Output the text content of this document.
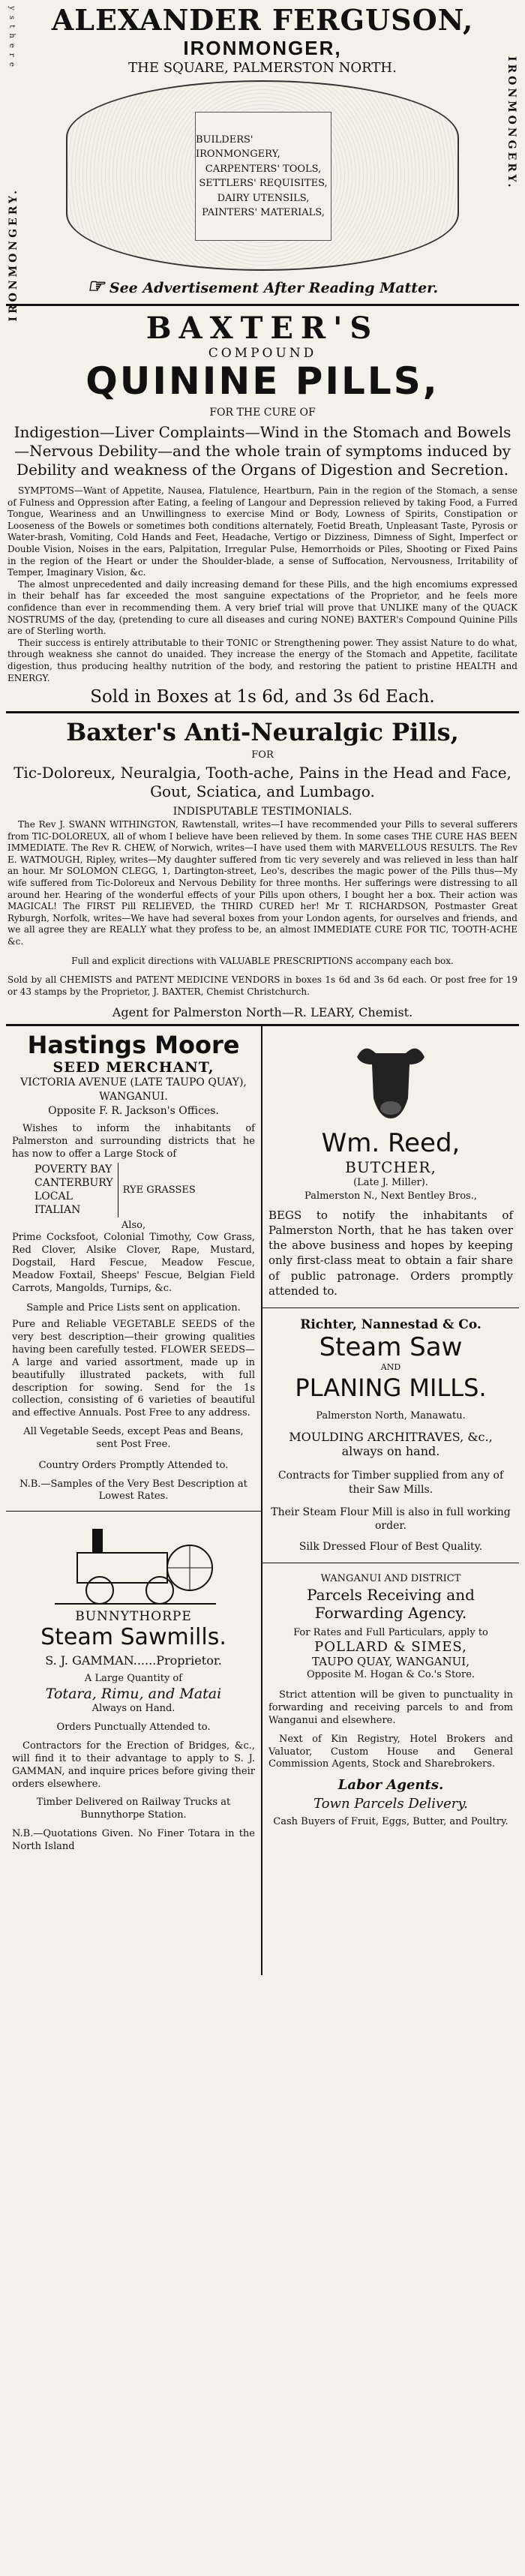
IRONMONGERY.
IRONMONGERY.
y s t h e r e	ALEXANDER FERGUSON,
IRONMONGER,
THE SQUARE, PALMERSTON NORTH.
BUILDERS' IRONMONGERY,
CARPENTERS' TOOLS,
SETTLERS' REQUISITES,
DAIRY UTENSILS,
PAINTERS' MATERIALS,
☞ See Advertisement After Reading Matter.
BAXTER'S
COMPOUND
QUININE PILLS,
FOR THE CURE OF

Indigestion—Liver Complaints—Wind in the Stomach and Bowels—Nervous Debility—and the whole train of symptoms induced by Debility and weakness of the Organs of Digestion and Secretion.

SYMPTOMS—Want of Appetite, Nausea, Flatulence, Heartburn, Pain in the region of the Stomach, a sense of Fulness and Oppression after Eating, a feeling of Langour and Depression relieved by taking Food, a Furred Tongue, Weariness and an Unwillingness to exercise Mind or Body, Lowness of Spirits, Constipation or Looseness of the Bowels or sometimes both conditions alternately, Foetid Breath, Unpleasant Taste, Pyrosis or Water-brash, Vomiting, Cold Hands and Feet, Headache, Vertigo or Dizziness, Dimness of Sight, Imperfect or Double Vision, Noises in the ears, Palpitation, Irregular Pulse, Hemorrhoids or Piles, Shooting or Fixed Pains in the region of the Heart or under the Shoulder-blade, a sense of Suffocation, Nervousness, Irritability of Temper, Imaginary Vision, &c.

The almost unprecedented and daily increasing demand for these Pills, and the high encomiums expressed in their behalf has far exceeded the most sanguine expectations of the Proprietor, and he feels more confidence than ever in recommending them. A very brief trial will prove that UNLIKE many of the QUACK NOSTRUMS of the day, (pretending to cure all diseases and curing NONE) BAXTER's Compound Quinine Pills are of Sterling worth.

Their success is entirely attributable to their TONIC or Strengthening power. They assist Nature to do what, through weakness she cannot do unaided. They increase the energy of the Stomach and Appetite, facilitate digestion, thus producing healthy nutrition of the body, and restoring the patient to pristine HEALTH and ENERGY.

Sold in Boxes at 1s 6d, and 3s 6d Each.
Baxter's Anti-Neuralgic Pills,
FOR

Tic-Doloreux, Neuralgia, Tooth-ache, Pains in the Head and Face, Gout, Sciatica, and Lumbago.

INDISPUTABLE TESTIMONIALS.

The Rev J. SWANN WITHINGTON, Rawtenstall, writes—I have recommended your Pills to several sufferers from TIC-DOLOREUX, all of whom I believe have been relieved by them. In some cases THE CURE HAS BEEN IMMEDIATE. The Rev R. CHEW, of Norwich, writes—I have used them with MARVELLOUS RESULTS. The Rev E. WATMOUGH, Ripley, writes—My daughter suffered from tic very severely and was relieved in less than half an hour. Mr SOLOMON CLEGG, 1, Dartington-street, Leo's, describes the magic power of the Pills thus—My wife suffered from Tic-Doloreux and Nervous Debility for three months. Her sufferings were distressing to all around her. Hearing of the wonderful effects of your Pills upon others, I bought her a box. Their action was MAGICAL! The FIRST Pill RELIEVED, the THIRD CURED her! Mr T. RICHARDSON, Postmaster Great Ryburgh, Norfolk, writes—We have had several boxes from your London agents, for ourselves and friends, and we all agree they are REALLY what they profess to be, an almost IMMEDIATE CURE FOR TIC, TOOTH-ACHE &c.

Full and explicit directions with VALUABLE PRESCRIPTIONS accompany each box.

Sold by all CHEMISTS and PATENT MEDICINE VENDORS in boxes 1s 6d and 3s 6d each. Or post free for 19 or 43 stamps by the Proprietor, J. BAXTER, Chemist Christchurch.

Agent for Palmerston North—R. LEARY, Chemist.
Hastings Moore
SEED MERCHANT,
VICTORIA AVENUE (LATE TAUPO QUAY), WANGANUI.
Opposite F. R. Jackson's Offices.

Wishes to inform the inhabitants of Palmerston and surrounding districts that he has now to offer a Large Stock of

POVERTY BAY
CANTERBURY
LOCAL
ITALIAN
RYE GRASSES
Also,

Prime Cocksfoot, Colonial Timothy, Cow Grass, Red Clover, Alsike Clover, Rape, Mustard, Dogstail, Hard Fescue, Meadow Fescue, Meadow Foxtail, Sheeps' Fescue, Belgian Field Carrots, Mangolds, Turnips, &c.

Sample and Price Lists sent on application.

Pure and Reliable VEGETABLE SEEDS of the very best description—their growing qualities having been carefully tested. FLOWER SEEDS—A large and varied assortment, made up in beautifully illustrated packets, with full description for sowing. Send for the 1s collection, consisting of 6 varieties of beautiful and effective Annuals. Post Free to any address.

All Vegetable Seeds, except Peas and Beans, sent Post Free.

Country Orders Promptly Attended to.

N.B.—Samples of the Very Best Description at Lowest Rates.

BUNNYTHORPE
Steam Sawmills.
S. J. GAMMAN......Proprietor.
A Large Quantity of
Totara, Rimu, and Matai
Always on Hand.
Orders Punctually Attended to.

Contractors for the Erection of Bridges, &c., will find it to their advantage to apply to S. J. GAMMAN, and inquire prices before giving their orders elsewhere.

Timber Delivered on Railway Trucks at Bunnythorpe Station.

N.B.—Quotations Given. No Finer Totara in the North Island

Wm. Reed,
BUTCHER,
(Late J. Miller).
Palmerston N., Next Bentley Bros.,

BEGS to notify the inhabitants of Palmerston North, that he has taken over the above business and hopes by keeping only first-class meat to obtain a fair share of public patronage. Orders promptly attended to.

Richter, Nannestad & Co.
Steam Saw
AND
PLANING MILLS.
Palmerston North, Manawatu.

MOULDING ARCHITRAVES, &c., always on hand.

Contracts for Timber supplied from any of their Saw Mills.

Their Steam Flour Mill is also in full working order.

Silk Dressed Flour of Best Quality.

WANGANUI AND DISTRICT
Parcels Receiving and Forwarding Agency.
For Rates and Full Particulars, apply to
POLLARD & SIMES,
TAUPO QUAY, WANGANUI,
Opposite M. Hogan & Co.'s Store.

Strict attention will be given to punctuality in forwarding and receiving parcels to and from Wanganui and elsewhere.

Next of Kin Registry, Hotel Brokers and Valuator, Custom House and General Commission Agents, Stock and Sharebrokers.

Labor Agents.
Town Parcels Delivery.

Cash Buyers of Fruit, Eggs, Butter, and Poultry.
